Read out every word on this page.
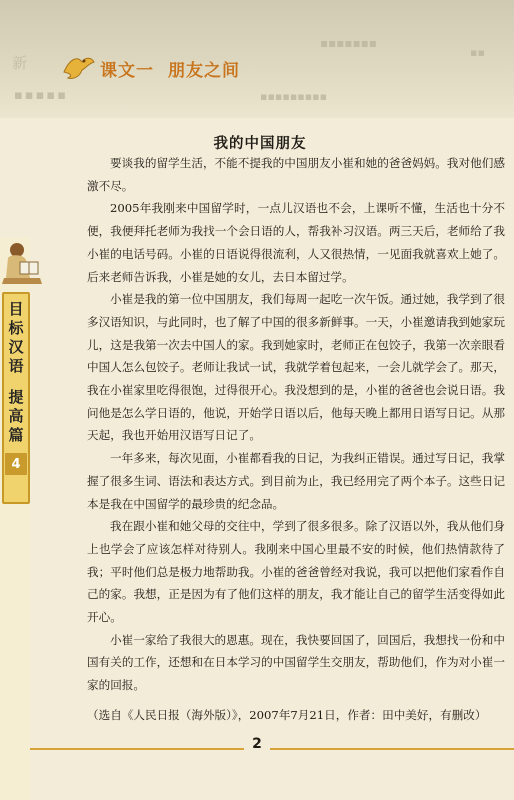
新
▪▪▪▪▪
▪▪▪▪▪▪▪
▪▪▪▪▪▪▪▪▪
▪▪
课文一 朋友之间
目标汉语
提高篇
4
我的中国朋友

要谈我的留学生活，不能不提我的中国朋友小崔和她的爸爸妈妈。我对他们感激不尽。

2005年我刚来中国留学时，一点儿汉语也不会，上课听不懂，生活也十分不便，我便拜托老师为我找一个会日语的人，帮我补习汉语。两三天后，老师给了我小崔的电话号码。小崔的日语说得很流利，人又很热情，一见面我就喜欢上她了。后来老师告诉我，小崔是她的女儿，去日本留过学。

小崔是我的第一位中国朋友，我们每周一起吃一次午饭。通过她，我学到了很多汉语知识，与此同时，也了解了中国的很多新鲜事。一天，小崔邀请我到她家玩儿，这是我第一次去中国人的家。我到她家时，老师正在包饺子，我第一次亲眼看中国人怎么包饺子。老师让我试一试，我就学着包起来，一会儿就学会了。那天，我在小崔家里吃得很饱，过得很开心。我没想到的是，小崔的爸爸也会说日语。我问他是怎么学日语的，他说，开始学日语以后，他每天晚上都用日语写日记。从那天起，我也开始用汉语写日记了。

一年多来，每次见面，小崔都看我的日记，为我纠正错误。通过写日记，我掌握了很多生词、语法和表达方式。到目前为止，我已经用完了两个本子。这些日记本是我在中国留学的最珍贵的纪念品。

我在跟小崔和她父母的交往中，学到了很多很多。除了汉语以外，我从他们身上也学会了应该怎样对待别人。我刚来中国心里最不安的时候，他们热情款待了我；平时他们总是极力地帮助我。小崔的爸爸曾经对我说，我可以把他们家看作自己的家。我想，正是因为有了他们这样的朋友，我才能让自己的留学生活变得如此开心。

小崔一家给了我很大的恩惠。现在，我快要回国了，回国后，我想找一份和中国有关的工作，还想和在日本学习的中国留学生交朋友，帮助他们，作为对小崔一家的回报。

（选自《人民日报（海外版）》，2007年7月21日，作者：田中美好，有删改）
2
